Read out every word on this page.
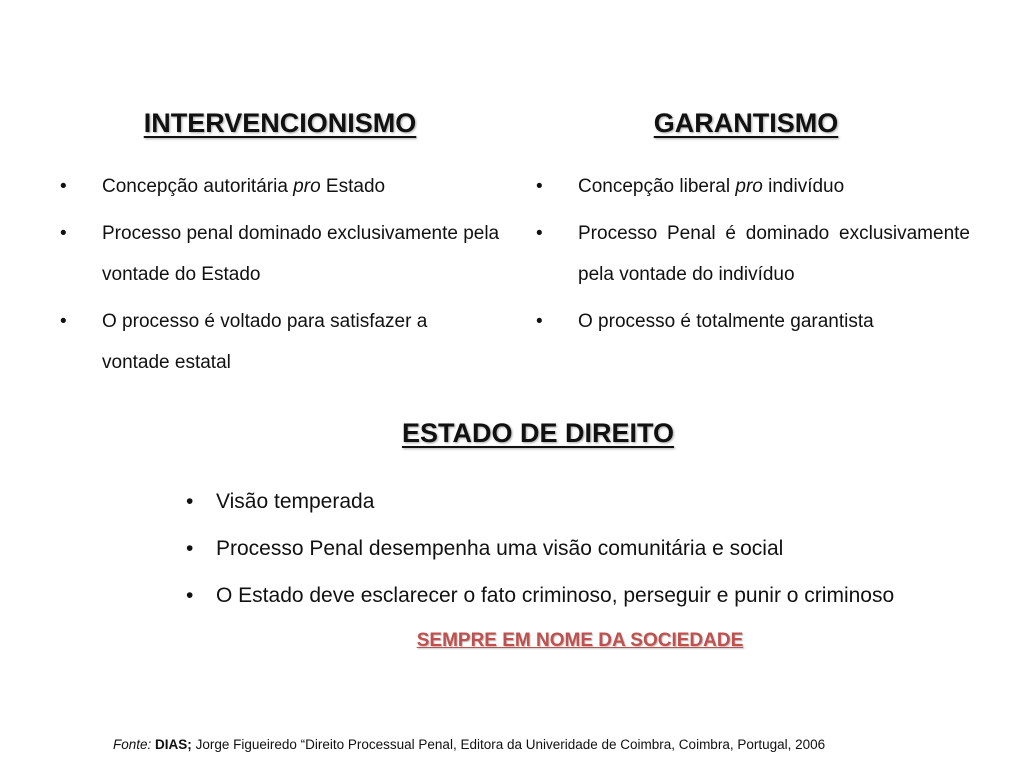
INTERVENCIONISMO
• Concepção autoritária pro Estado
• Processo penal dominado exclusivamente pela vontade do Estado
• O processo é voltado para satisfazer a vontade estatal
GARANTISMO
• Concepção liberal pro indivíduo
• Processo Penal é dominado exclusivamente pela vontade do indivíduo
• O processo é totalmente garantista
ESTADO DE DIREITO
• Visão temperada
• Processo Penal desempenha uma visão comunitária e social
• O Estado deve esclarecer o fato criminoso, perseguir e punir o criminoso

SEMPRE EM NOME DA SOCIEDADE

Fonte: DIAS; Jorge Figueiredo “Direito Processual Penal, Editora da Univeridade de Coimbra, Coimbra, Portugal, 2006
